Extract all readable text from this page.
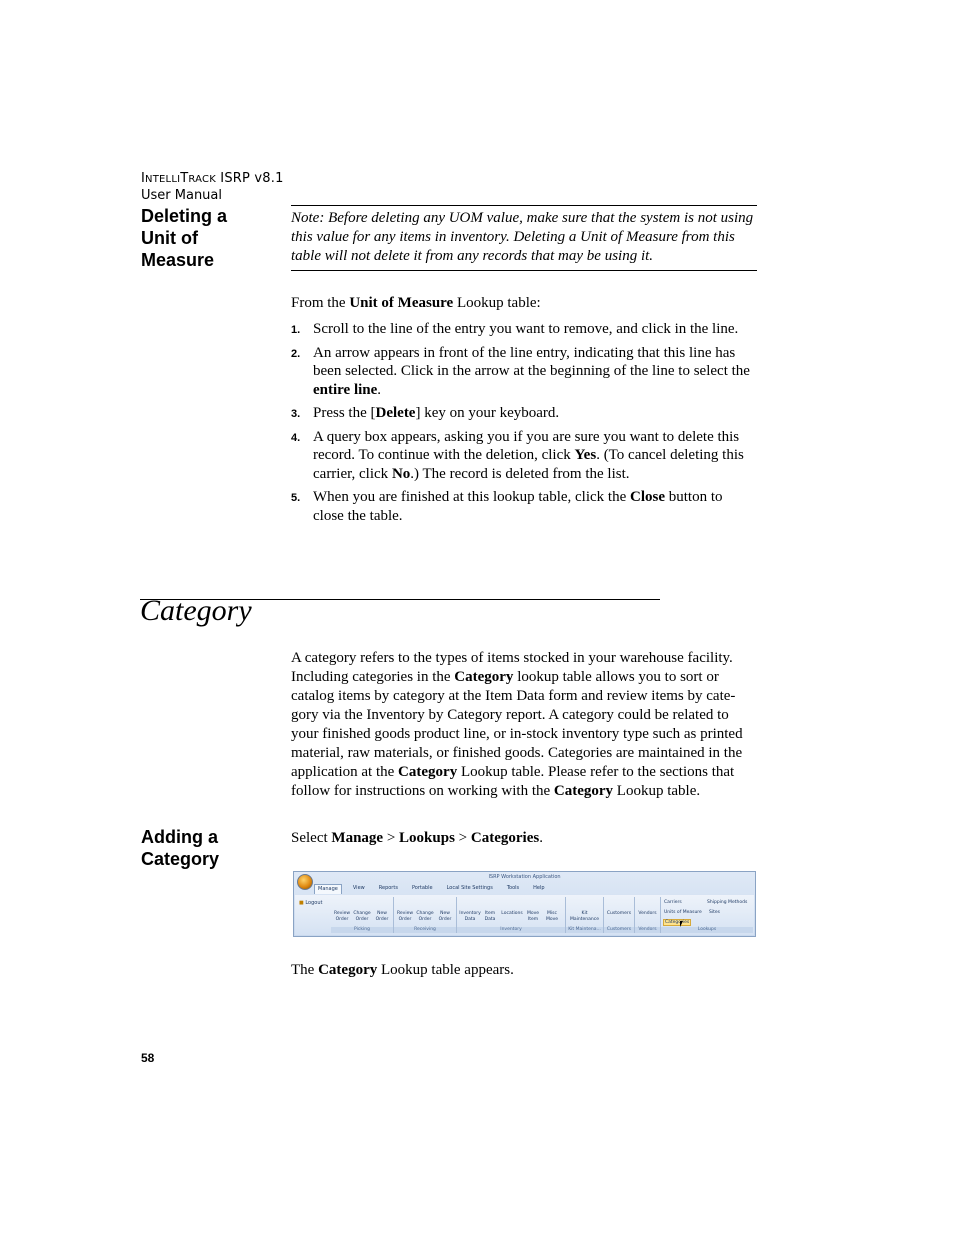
INTELLITRACK ISRP v8.1
User Manual
Deleting a
Unit of
Measure
Note: Before deleting any UOM value, make sure that the system is not using this value for any items in inventory. Deleting a Unit of Measure from this table will not delete it from any records that may be using it.
From the Unit of Measure Lookup table:
1. Scroll to the line of the entry you want to remove, and click in the line.
2. An arrow appears in front of the line entry, indicating that this line has been selected. Click in the arrow at the beginning of the line to select the entire line.
3. Press the [Delete] key on your keyboard.
4. A query box appears, asking you if you are sure you want to delete this record. To continue with the deletion, click Yes. (To cancel deleting this carrier, click No.) The record is deleted from the list.
5. When you are finished at this lookup table, click the Close button to close the table.
Category
A category refers to the types of items stocked in your warehouse facility. Including categories in the Category lookup table allows you to sort or catalog items by category at the Item Data form and review items by cate-gory via the Inventory by Category report. A category could be related to your finished goods product line, or in-stock inventory type such as printed material, raw materials, or finished goods. Categories are maintained in the application at the Category Lookup table. Please refer to the sections that follow for instructions on working with the Category Lookup table.
Adding a
Category
Select Manage > Lookups > Categories.
ISRP Workstation Application
Manage	View	Reports	Portable	Local Site Settings	Tools	Help
■ Logout
Review Order
Change Order
New Order
Picking
Review Order
Change Order
New Order
Receiving
Inventory Data
Item Data
Locations Move Item
Misc Move
Inventory
Kit Maintenance
Kit Maintena...
Customers
Customers
Vendors
Vendors
Carriers	Shipping Methods
Units of Measure Sites
Categories
Lookups
The Category Lookup table appears.
58
